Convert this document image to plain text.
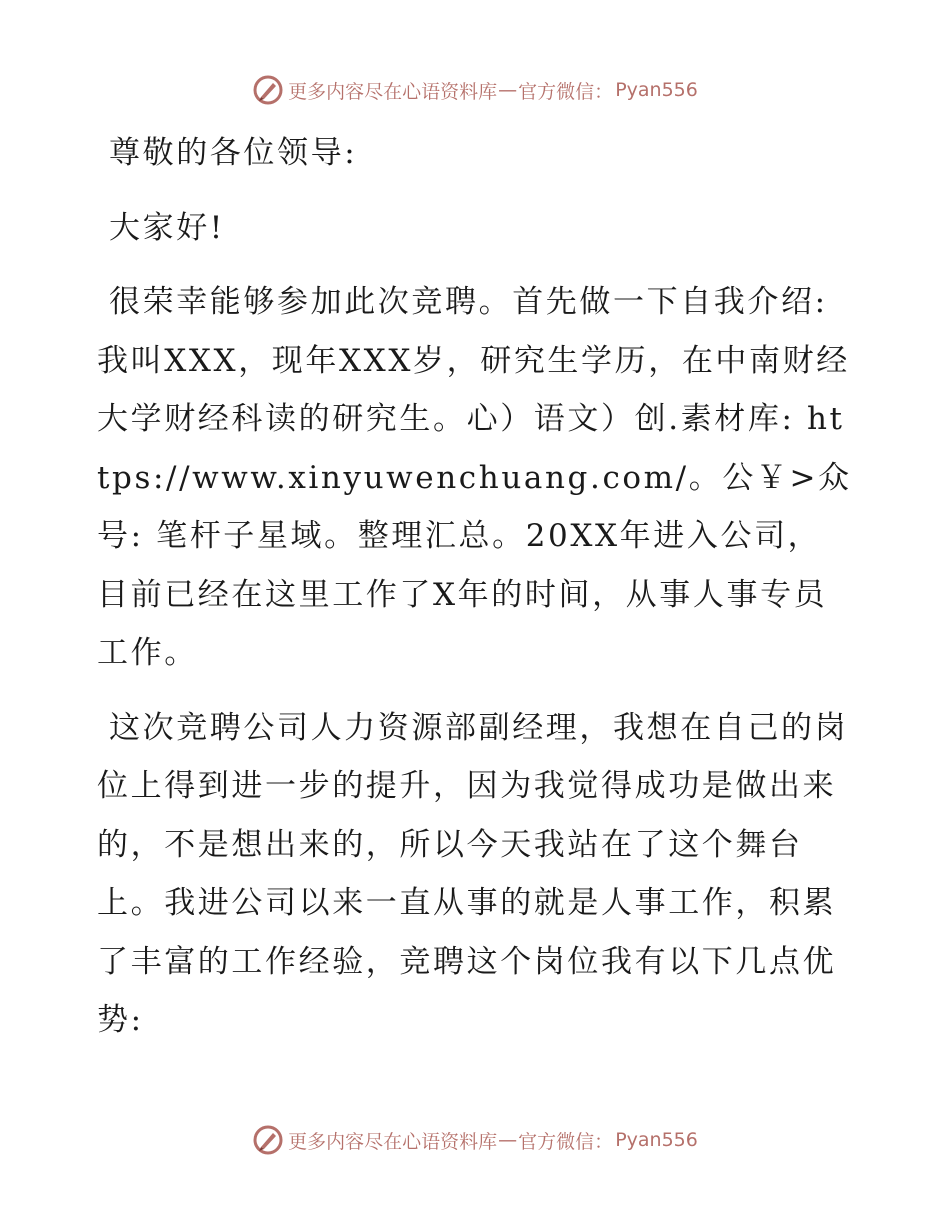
更多内容尽在心语资料库 — 官方微信： Pyan556

尊敬的各位领导:

大家好!

很荣幸能够参加此次竞聘。首先做一下自我介绍: 我叫XXX，现年XXX岁，研究生学历，在中南财经大学财经科读的研究生。心）语文）创.素材库: https://www.xinyuwenchuang.com/。公￥>众号: 笔杆子星域。整理汇总。20XX年进入公司，目前已经在这里工作了X年的时间，从事人事专员工作。

这次竞聘公司人力资源部副经理，我想在自己的岗位上得到进一步的提升，因为我觉得成功是做出来的，不是想出来的，所以今天我站在了这个舞台上。我进公司以来一直从事的就是人事工作，积累了丰富的工作经验，竞聘这个岗位我有以下几点优势:

更多内容尽在心语资料库 — 官方微信： Pyan556
